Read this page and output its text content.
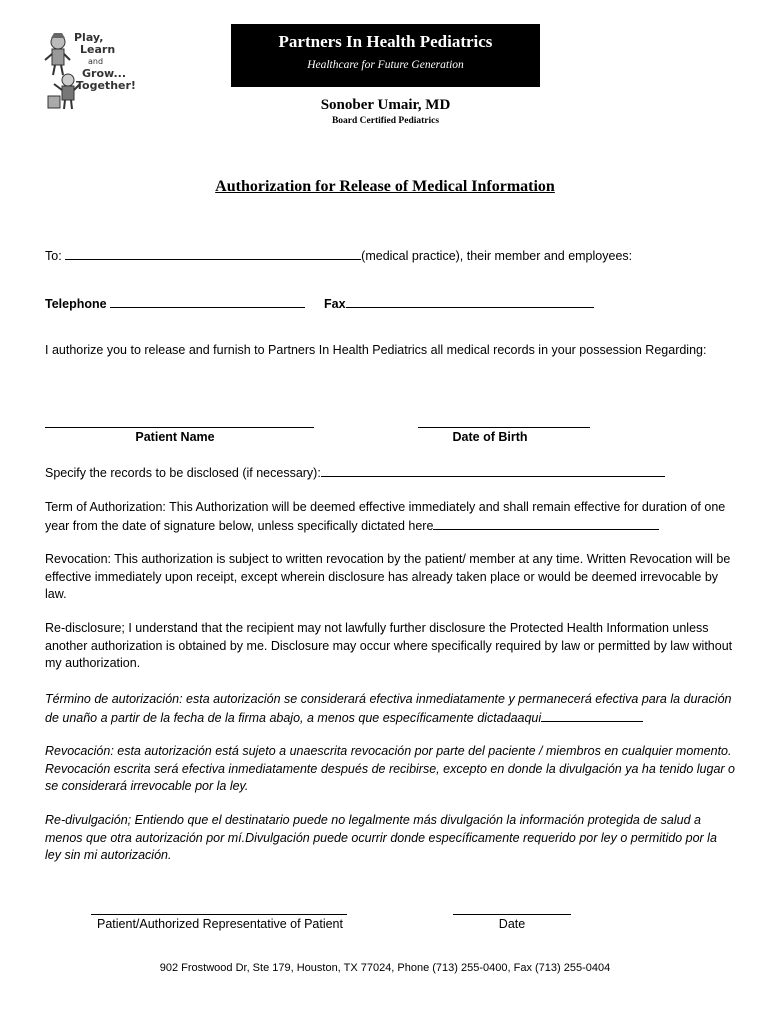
Play,
Learn
and
Grow...
Together!
Partners In Health Pediatrics
Healthcare for Future Generation
Sonober Umair, MD
Board Certified Pediatrics
Authorization for Release of Medical Information
To:	(medical practice), their member and employees:
Telephone	Fax
I authorize you to release and furnish to Partners In Health Pediatrics all medical records in your possession Regarding:
Patient Name	Date of Birth
Specify the records to be disclosed (if necessary):
Term of Authorization: This Authorization will be deemed effective immediately and shall remain effective for duration of one year from the date of signature below, unless specifically dictated here
Revocation: This authorization is subject to written revocation by the patient/ member at any time. Written Revocation will be effective immediately upon receipt, except wherein disclosure has already taken place or would be deemed irrevocable by law.
Re-disclosure; I understand that the recipient may not lawfully further disclosure the Protected Health Information unless another authorization is obtained by me. Disclosure may occur where specifically required by law or permitted by law without my authorization.
Término de autorización: esta autorización se considerará efectiva inmediatamente y permanecerá efectiva para la duración de unaño a partir de la fecha de la firma abajo, a menos que específicamente dictadaaqui
Revocación: esta autorización está sujeto a unaescrita revocación por parte del paciente / miembros en cualquier momento. Revocación escrita será efectiva inmediatamente después de recibirse, excepto en donde la divulgación ya ha tenido lugar o se considerará irrevocable por la ley.
Re-divulgación; Entiendo que el destinatario puede no legalmente más divulgación la información protegida de salud a menos que otra autorización por mí.Divulgación puede ocurrir donde específicamente requerido por ley o permitido por la ley sin mi autorización.
Patient/Authorized Representative of Patient	Date
902 Frostwood Dr, Ste 179, Houston, TX 77024, Phone (713) 255-0400, Fax (713) 255-0404
